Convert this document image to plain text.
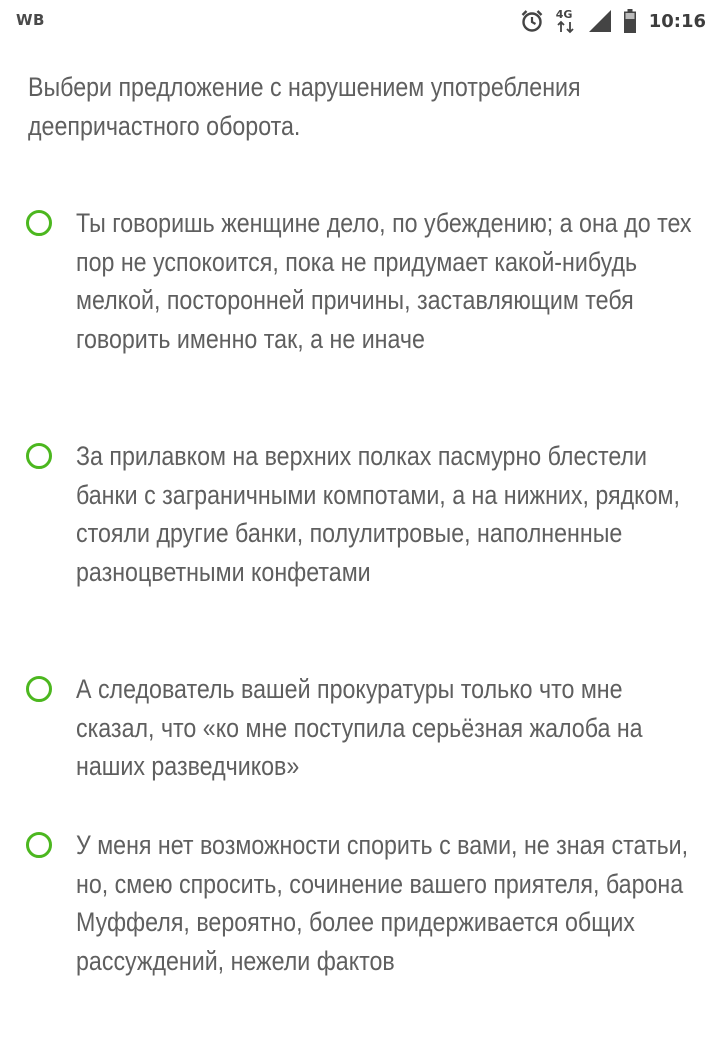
WB	4G	10:16
Выбери предложение с нарушением употребления деепричастного оборота.
Ты говоришь женщине дело, по убеждению; а она до тех пор не успокоится, пока не придумает какой-нибудь мелкой, посторонней причины, заставляющим тебя говорить именно так, а не иначе
За прилавком на верхних полках пасмурно блестели банки с заграничными компотами, а на нижних, рядком, стояли другие банки, полулитровые, наполненные разноцветными конфетами
А следователь вашей прокуратуры только что мне сказал, что «ко мне поступила серьёзная жалоба на наших разведчиков»
У меня нет возможности спорить с вами, не зная статьи, но, смею спросить, сочинение вашего приятеля, барона Муффеля, вероятно, более придерживается общих рассуждений, нежели фактов
